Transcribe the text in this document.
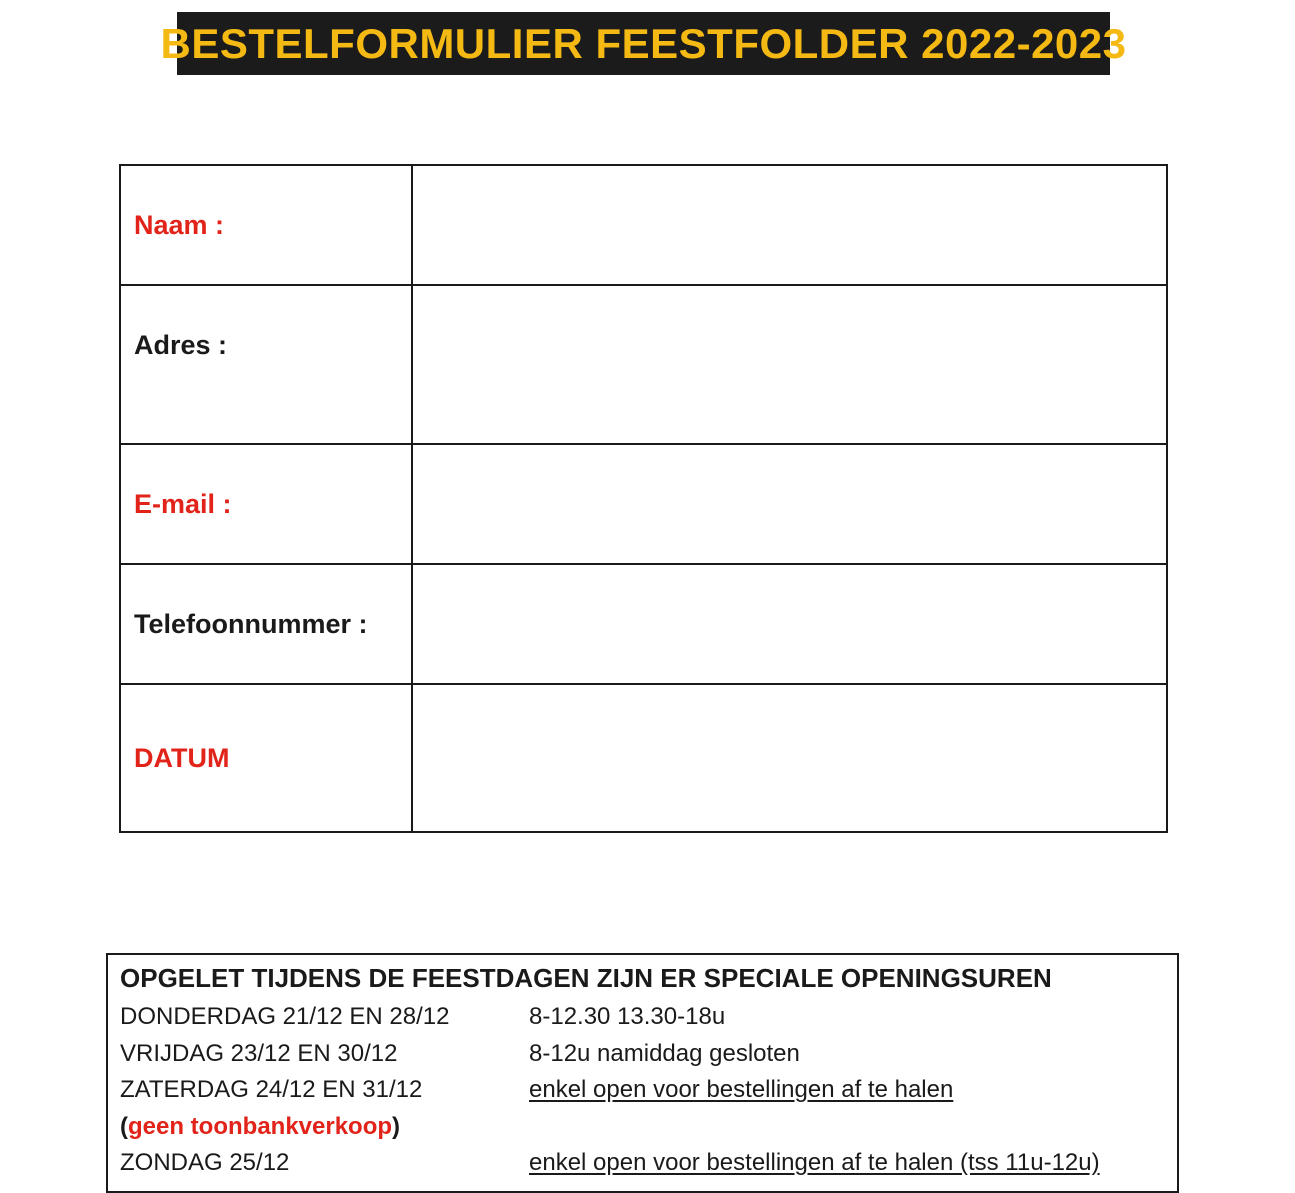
BESTELFORMULIER FEESTFOLDER 2022-2023
Naam :	

Adres :	

E-mail :	

Telefoonnummer :	

DATUM	
OPGELET TIJDENS DE FEESTDAGEN ZIJN ER SPECIALE OPENINGSUREN
DONDERDAG 21/12 EN 28/12	8-12.30 13.30-18u
VRIJDAG 23/12 EN 30/12	8-12u namiddag gesloten
ZATERDAG 24/12 EN 31/12	enkel open voor bestellingen af te halen
(geen toonbankverkoop)
ZONDAG 25/12	enkel open voor bestellingen af te halen (tss 11u-12u)
